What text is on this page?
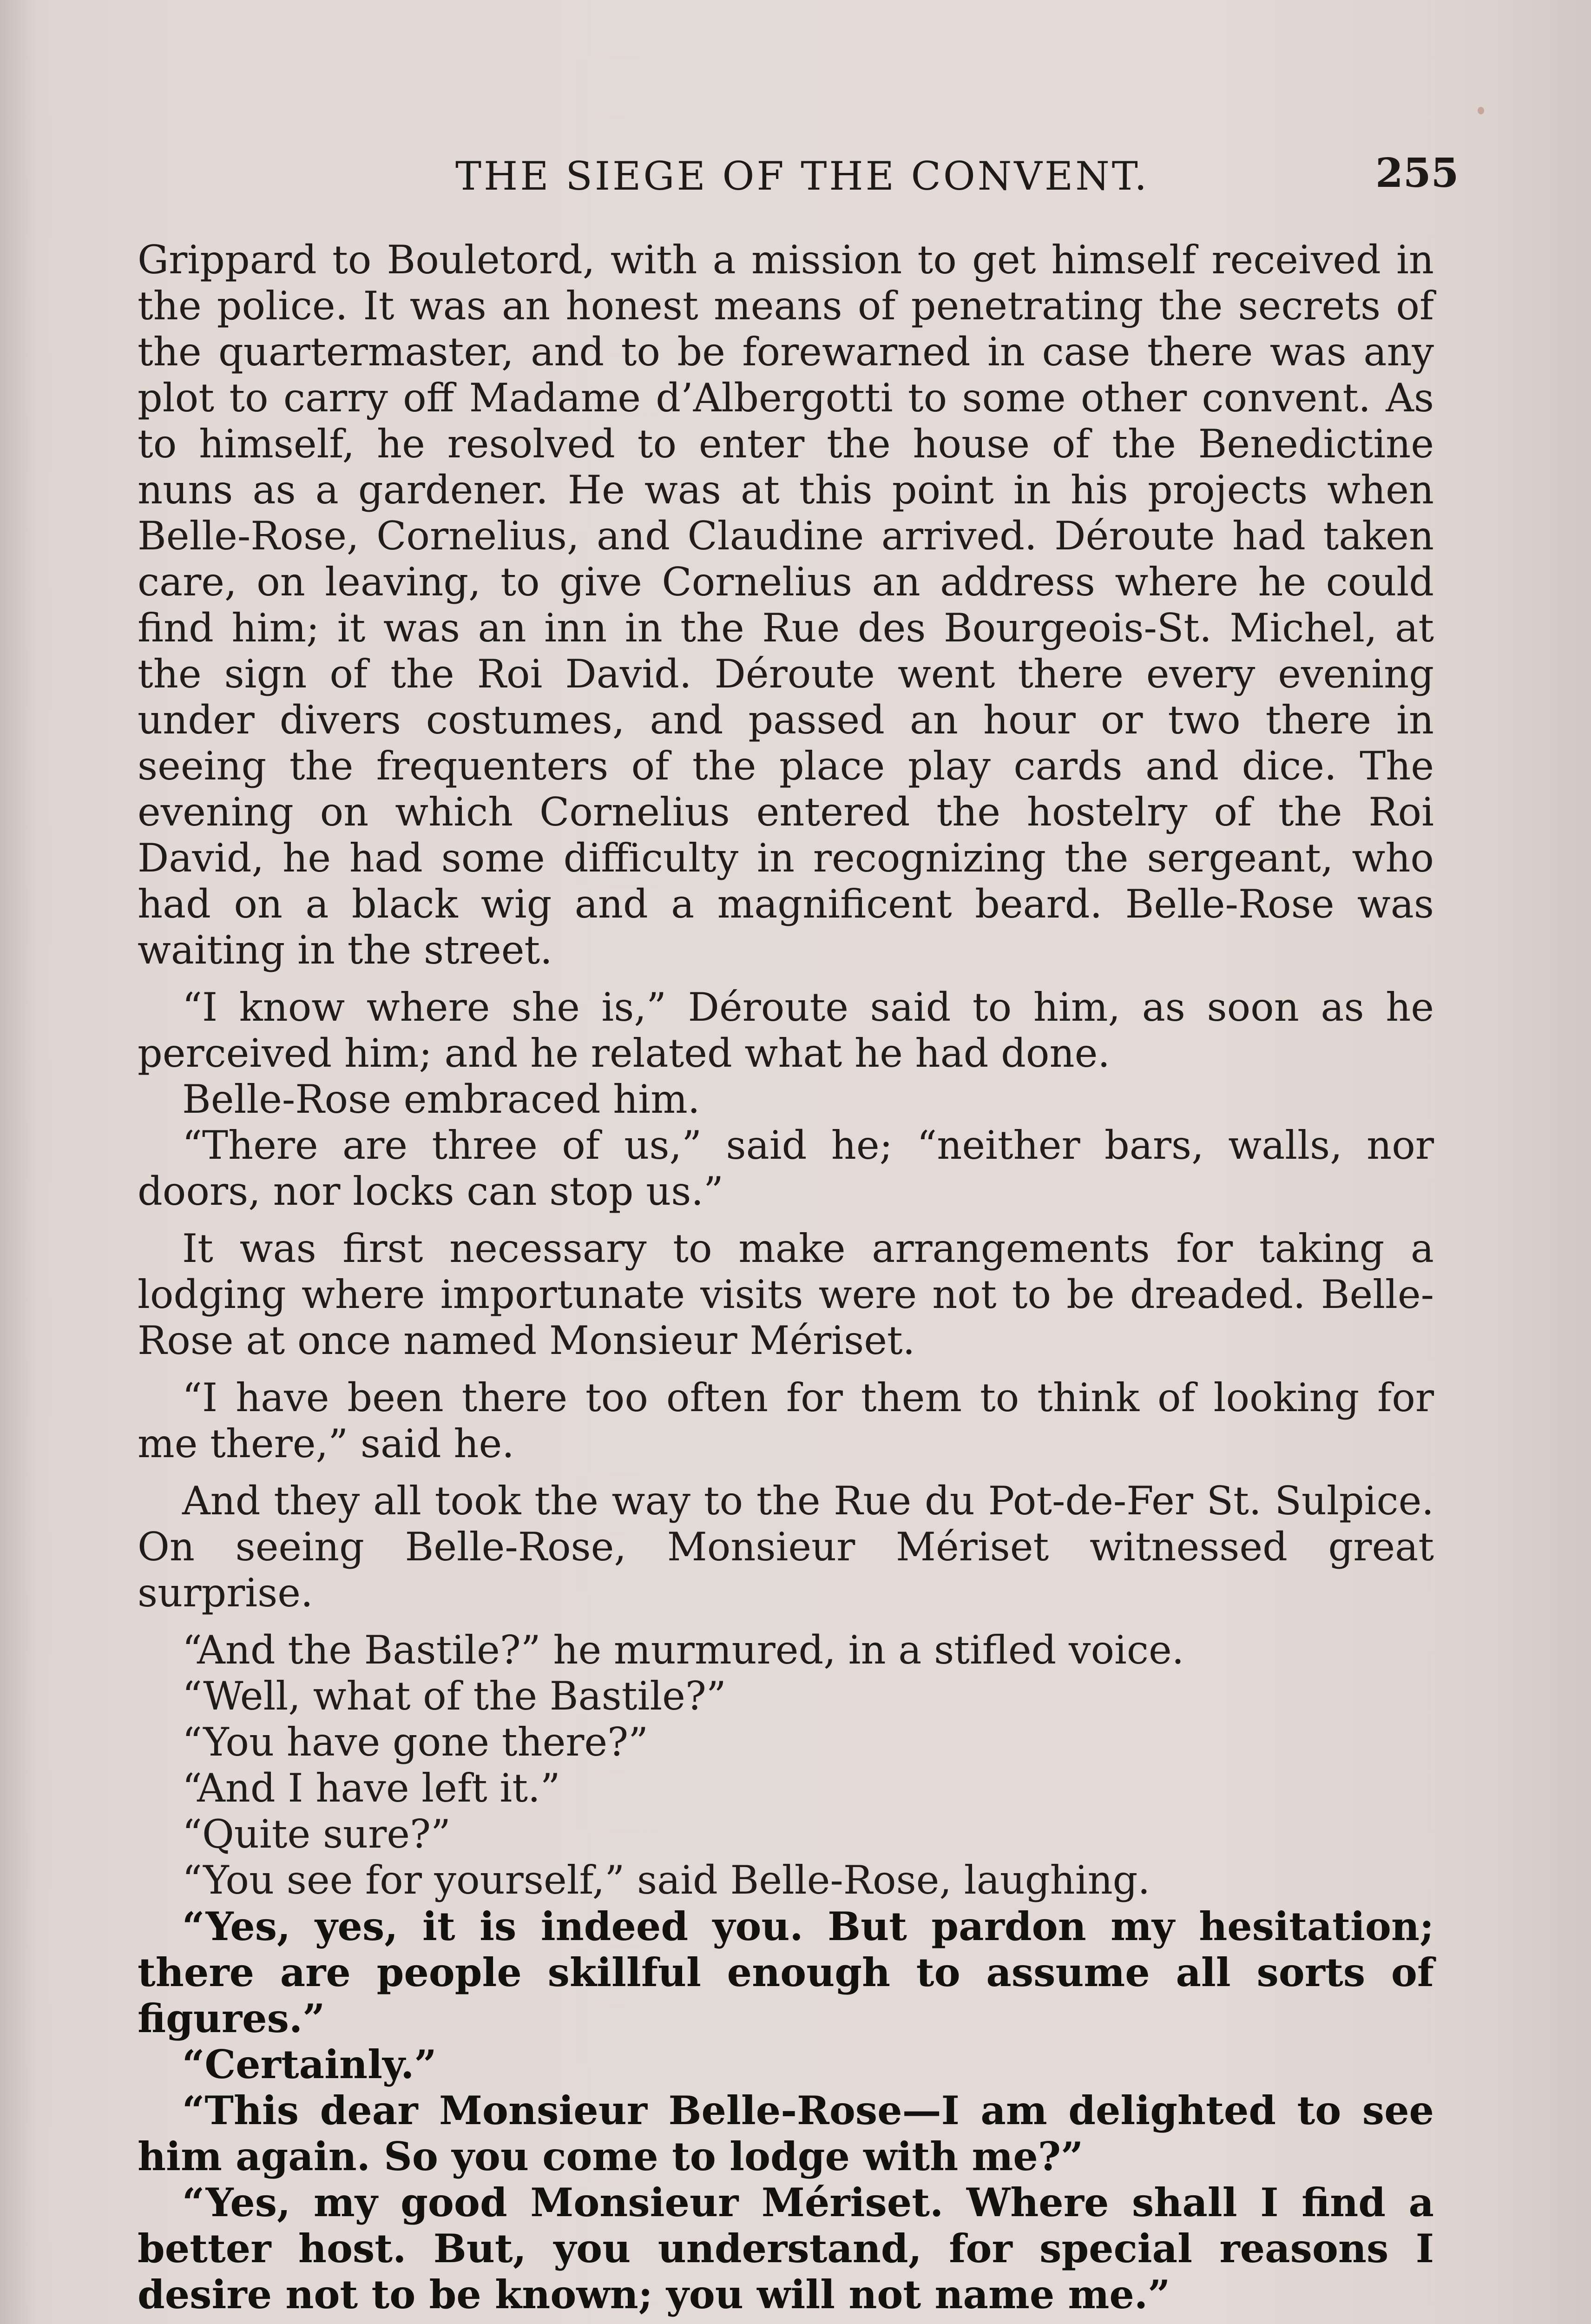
THE SIEGE OF THE CONVENT.	255

Grippard to Bouletord, with a mission to get himself received in the police. It was an honest means of penetrating the secrets of the quartermaster, and to be forewarned in case there was any plot to carry off Madame d’Albergotti to some other convent. As to himself, he resolved to enter the house of the Benedictine nuns as a gardener. He was at this point in his projects when Belle-Rose, Cornelius, and Claudine arrived. Déroute had taken care, on leaving, to give Cornelius an address where he could find him; it was an inn in the Rue des Bourgeois-St. Michel, at the sign of the Roi David. Déroute went there every evening under divers costumes, and passed an hour or two there in seeing the frequenters of the place play cards and dice. The evening on which Cornelius entered the hostelry of the Roi David, he had some difficulty in recognizing the sergeant, who had on a black wig and a magnificent beard. Belle-Rose was waiting in the street.

“I know where she is,” Déroute said to him, as soon as he perceived him; and he related what he had done.

Belle-Rose embraced him.

“There are three of us,” said he; “neither bars, walls, nor doors, nor locks can stop us.”

It was first necessary to make arrangements for taking a lodging where importunate visits were not to be dreaded. Belle-Rose at once named Monsieur Mériset.

“I have been there too often for them to think of looking for me there,” said he.

And they all took the way to the Rue du Pot-de-Fer St. Sulpice. On seeing Belle-Rose, Monsieur Mériset witnessed great surprise.

“And the Bastile?” he murmured, in a stifled voice.

“Well, what of the Bastile?”

“You have gone there?”

“And I have left it.”

“Quite sure?”

“You see for yourself,” said Belle-Rose, laughing.

“Yes, yes, it is indeed you. But pardon my hesitation; there are people skillful enough to assume all sorts of figures.”

“Certainly.”

“This dear Monsieur Belle-Rose—I am delighted to see him again. So you come to lodge with me?”

“Yes, my good Monsieur Mériset. Where shall I find a better host. But, you understand, for special reasons I desire not to be known; you will not name me.”
